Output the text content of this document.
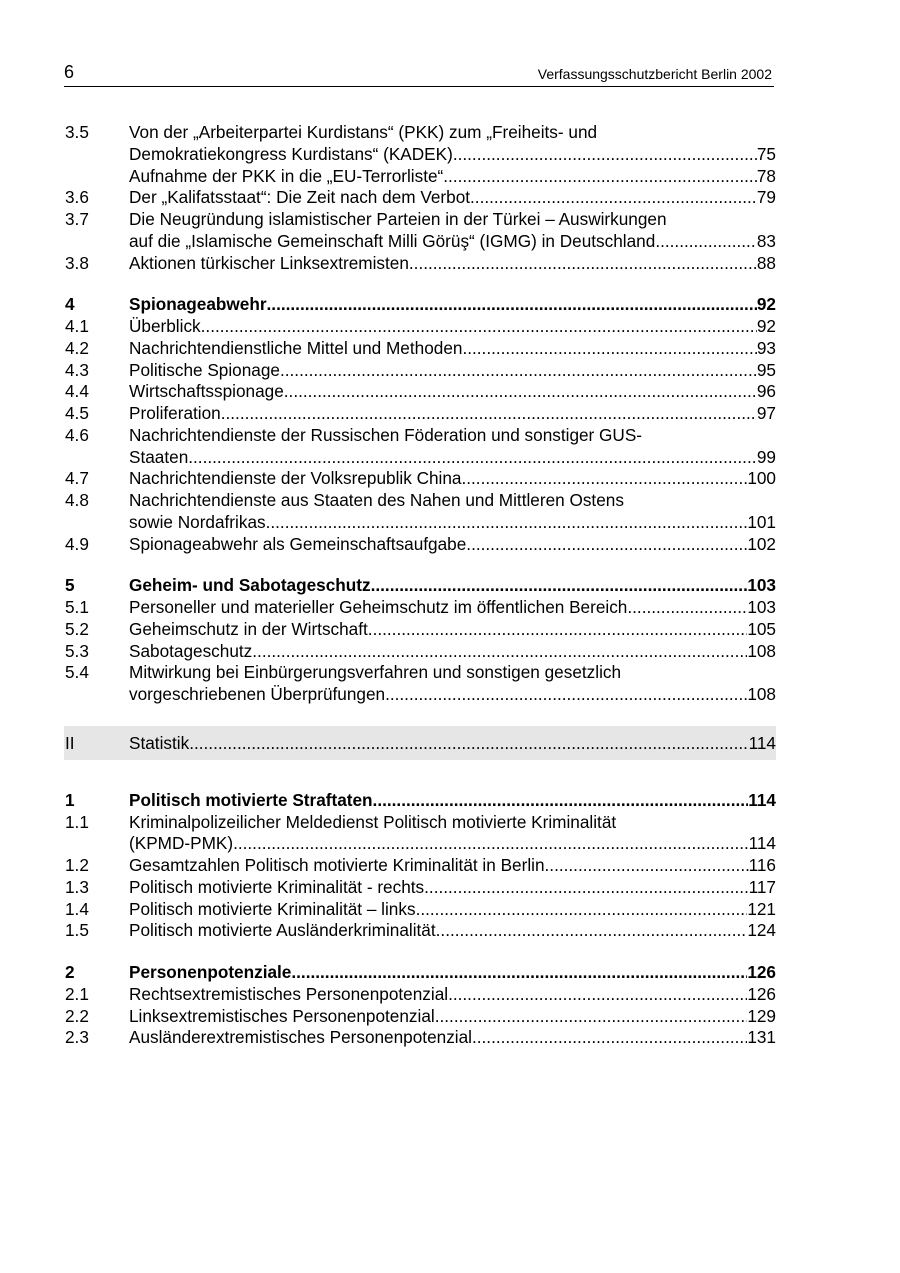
6	Verfassungsschutzbericht Berlin 2002
3.5 Von der „Arbeiterpartei Kurdistans“ (PKK) zum „Freiheits- und
Demokratiekongress Kurdistans“ (KADEK) .....	75
Aufnahme der PKK in die „EU-Terrorliste“ .....	78
3.6 Der „Kalifatsstaat“: Die Zeit nach dem Verbot .....	79
3.7 Die Neugründung islamistischer Parteien in der Türkei – Auswirkungen
auf die „Islamische Gemeinschaft Milli Görüş“ (IGMG) in Deutschland .....	83
3.8 Aktionen türkischer Linksextremisten .....	88
4	Spionageabwehr .....	92
4.1 Überblick .....	92
4.2 Nachrichtendienstliche Mittel und Methoden .....	93
4.3 Politische Spionage .....	95
4.4 Wirtschaftsspionage .....	96
4.5 Proliferation .....	97
4.6 Nachrichtendienste der Russischen Föderation und sonstiger GUS-
Staaten .....	99
4.7 Nachrichtendienste der Volksrepublik China .....	100
4.8 Nachrichtendienste aus Staaten des Nahen und Mittleren Ostens
sowie Nordafrikas .....	101
4.9 Spionageabwehr als Gemeinschaftsaufgabe .....	102
5	Geheim- und Sabotageschutz .....	103
5.1 Personeller und materieller Geheimschutz im öffentlichen Bereich .....	103
5.2 Geheimschutz in der Wirtschaft .....	105
5.3 Sabotageschutz .....	108
5.4 Mitwirkung bei Einbürgerungsverfahren und sonstigen gesetzlich
vorgeschriebenen Überprüfungen .....	108
II	Statistik .....	114
1	Politisch motivierte Straftaten .....	114
1.1 Kriminalpolizeilicher Meldedienst Politisch motivierte Kriminalität
(KPMD-PMK) .....	114
1.2 Gesamtzahlen Politisch motivierte Kriminalität in Berlin .....	116
1.3 Politisch motivierte Kriminalität - rechts .....	117
1.4 Politisch motivierte Kriminalität – links .....	121
1.5 Politisch motivierte Ausländerkriminalität .....	124
2	Personenpotenziale .....	126
2.1 Rechtsextremistisches Personenpotenzial .....	126
2.2 Linksextremistisches Personenpotenzial .....	129
2.3 Ausländerextremistisches Personenpotenzial .....	131
